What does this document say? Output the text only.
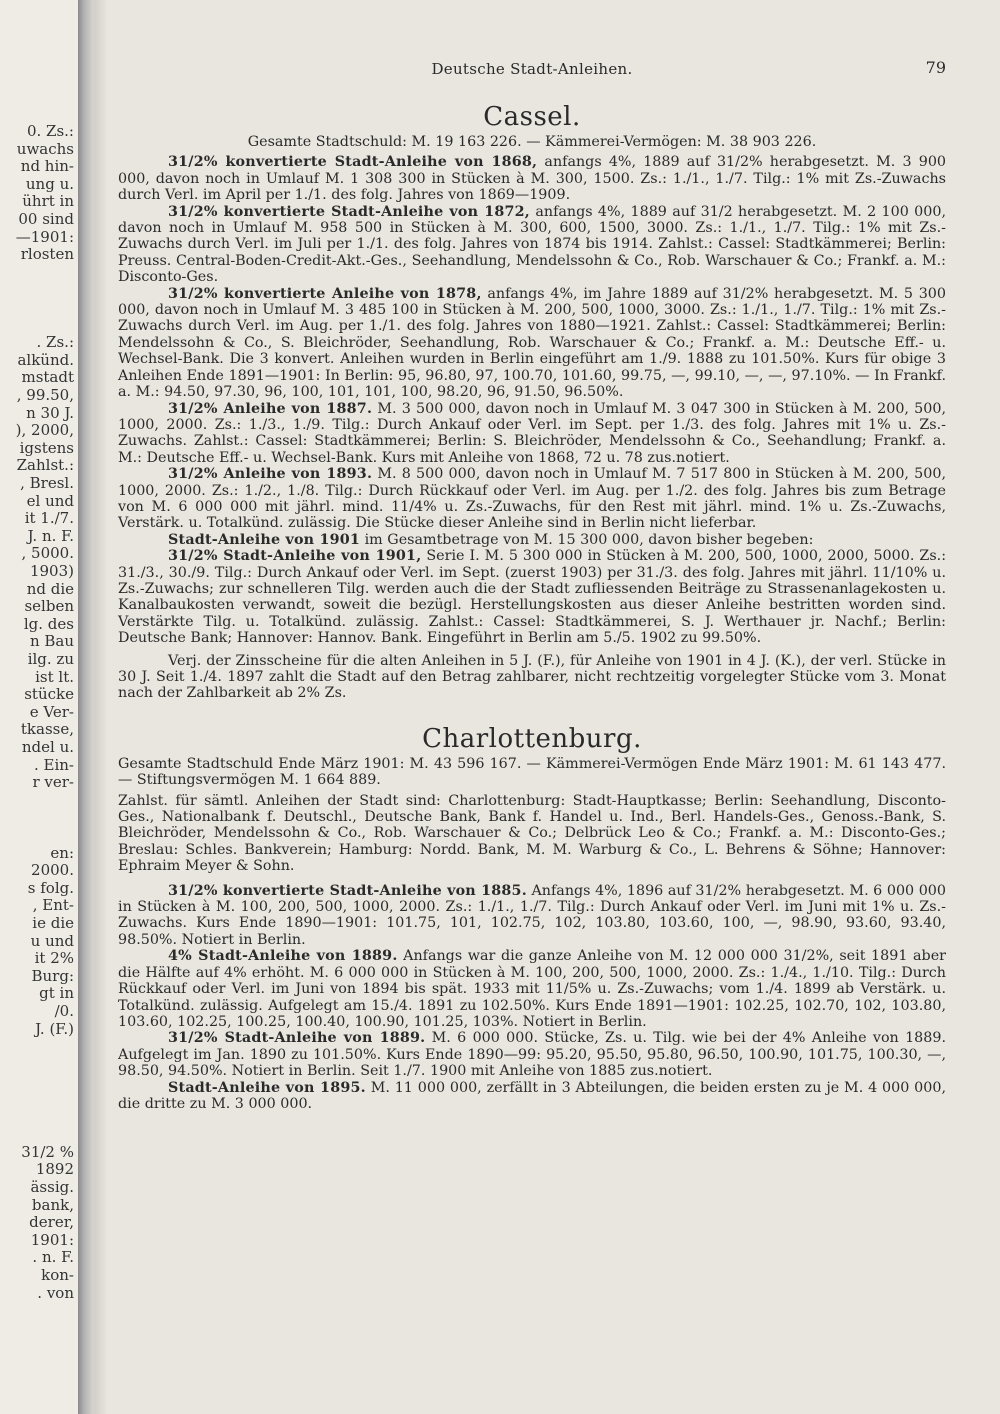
0. Zs.:
uwachs
nd hin-
ung u.
ührt in
00 sind
—1901:
rlosten
. Zs.:
alkünd.
mstadt
, 99.50,
n 30 J.
), 2000,
igstens
Zahlst.:
, Bresl.
el und
it 1./7.
J. n. F.
, 5000.
1903)
nd die
selben
lg. des
n Bau
ilg. zu
ist lt.
stücke
e Ver-
tkasse,
ndel u.
. Ein-
r ver-
en:
2000.
s folg.
, Ent-
ie die
u und
it 2%
Burg:
gt in
/0.
J. (F.)
31/2 %
1892
ässig.
bank,
derer,
1901:
. n. F.
kon-
. von
Deutsche Stadt-Anleihen.	79
Cassel.
Gesamte Stadtschuld: M. 19 163 226. — Kämmerei-Vermögen: M. 38 903 226.

31/2% konvertierte Stadt-Anleihe von 1868, anfangs 4%, 1889 auf 31/2% herabgesetzt. M. 3 900 000, davon noch in Umlauf M. 1 308 300 in Stücken à M. 300, 1500. Zs.: 1./1., 1./7. Tilg.: 1% mit Zs.-Zuwachs durch Verl. im April per 1./1. des folg. Jahres von 1869—1909.

31/2% konvertierte Stadt-Anleihe von 1872, anfangs 4%, 1889 auf 31/2 herabgesetzt. M. 2 100 000, davon noch in Umlauf M. 958 500 in Stücken à M. 300, 600, 1500, 3000. Zs.: 1./1., 1./7. Tilg.: 1% mit Zs.-Zuwachs durch Verl. im Juli per 1./1. des folg. Jahres von 1874 bis 1914. Zahlst.: Cassel: Stadtkämmerei; Berlin: Preuss. Central-Boden-Credit-Akt.-Ges., Seehandlung, Mendelssohn & Co., Rob. Warschauer & Co.; Frankf. a. M.: Disconto-Ges.

31/2% konvertierte Anleihe von 1878, anfangs 4%, im Jahre 1889 auf 31/2% herabgesetzt. M. 5 300 000, davon noch in Umlauf M. 3 485 100 in Stücken à M. 200, 500, 1000, 3000. Zs.: 1./1., 1./7. Tilg.: 1% mit Zs.-Zuwachs durch Verl. im Aug. per 1./1. des folg. Jahres von 1880—1921. Zahlst.: Cassel: Stadtkämmerei; Berlin: Mendelssohn & Co., S. Bleichröder, Seehandlung, Rob. Warschauer & Co.; Frankf. a. M.: Deutsche Eff.- u. Wechsel-Bank. Die 3 konvert. Anleihen wurden in Berlin eingeführt am 1./9. 1888 zu 101.50%. Kurs für obige 3 Anleihen Ende 1891—1901: In Berlin: 95, 96.80, 97, 100.70, 101.60, 99.75, —, 99.10, —, —, 97.10%. — In Frankf. a. M.: 94.50, 97.30, 96, 100, 101, 101, 100, 98.20, 96, 91.50, 96.50%.

31/2% Anleihe von 1887. M. 3 500 000, davon noch in Umlauf M. 3 047 300 in Stücken à M. 200, 500, 1000, 2000. Zs.: 1./3., 1./9. Tilg.: Durch Ankauf oder Verl. im Sept. per 1./3. des folg. Jahres mit 1% u. Zs.-Zuwachs. Zahlst.: Cassel: Stadtkämmerei; Berlin: S. Bleichröder, Mendelssohn & Co., Seehandlung; Frankf. a. M.: Deutsche Eff.- u. Wechsel-Bank. Kurs mit Anleihe von 1868, 72 u. 78 zus.notiert.

31/2% Anleihe von 1893. M. 8 500 000, davon noch in Umlauf M. 7 517 800 in Stücken à M. 200, 500, 1000, 2000. Zs.: 1./2., 1./8. Tilg.: Durch Rückkauf oder Verl. im Aug. per 1./2. des folg. Jahres bis zum Betrage von M. 6 000 000 mit jährl. mind. 11/4% u. Zs.-Zuwachs, für den Rest mit jährl. mind. 1% u. Zs.-Zuwachs, Verstärk. u. Totalkünd. zulässig. Die Stücke dieser Anleihe sind in Berlin nicht lieferbar.

Stadt-Anleihe von 1901 im Gesamtbetrage von M. 15 300 000, davon bisher begeben:

31/2% Stadt-Anleihe von 1901, Serie I. M. 5 300 000 in Stücken à M. 200, 500, 1000, 2000, 5000. Zs.: 31./3., 30./9. Tilg.: Durch Ankauf oder Verl. im Sept. (zuerst 1903) per 31./3. des folg. Jahres mit jährl. 11/10% u. Zs.-Zuwachs; zur schnelleren Tilg. werden auch die der Stadt zufliessenden Beiträge zu Strassenanlagekosten u. Kanalbaukosten verwandt, soweit die bezügl. Herstellungskosten aus dieser Anleihe bestritten worden sind. Verstärkte Tilg. u. Totalkünd. zulässig. Zahlst.: Cassel: Stadtkämmerei, S. J. Werthauer jr. Nachf.; Berlin: Deutsche Bank; Hannover: Hannov. Bank. Eingeführt in Berlin am 5./5. 1902 zu 99.50%.

Verj. der Zinsscheine für die alten Anleihen in 5 J. (F.), für Anleihe von 1901 in 4 J. (K.), der verl. Stücke in 30 J. Seit 1./4. 1897 zahlt die Stadt auf den Betrag zahlbarer, nicht rechtzeitig vorgelegter Stücke vom 3. Monat nach der Zahlbarkeit ab 2% Zs.

Charlottenburg.
Gesamte Stadtschuld Ende März 1901: M. 43 596 167. — Kämmerei-Vermögen Ende März 1901: M. 61 143 477. — Stiftungsvermögen M. 1 664 889.

Zahlst. für sämtl. Anleihen der Stadt sind: Charlottenburg: Stadt-Hauptkasse; Berlin: Seehandlung, Disconto-Ges., Nationalbank f. Deutschl., Deutsche Bank, Bank f. Handel u. Ind., Berl. Handels-Ges., Genoss.-Bank, S. Bleichröder, Mendelssohn & Co., Rob. Warschauer & Co.; Delbrück Leo & Co.; Frankf. a. M.: Disconto-Ges.; Breslau: Schles. Bankverein; Hamburg: Nordd. Bank, M. M. Warburg & Co., L. Behrens & Söhne; Hannover: Ephraim Meyer & Sohn.

31/2% konvertierte Stadt-Anleihe von 1885. Anfangs 4%, 1896 auf 31/2% herabgesetzt. M. 6 000 000 in Stücken à M. 100, 200, 500, 1000, 2000. Zs.: 1./1., 1./7. Tilg.: Durch Ankauf oder Verl. im Juni mit 1% u. Zs.-Zuwachs. Kurs Ende 1890—1901: 101.75, 101, 102.75, 102, 103.80, 103.60, 100, —, 98.90, 93.60, 93.40, 98.50%. Notiert in Berlin.

4% Stadt-Anleihe von 1889. Anfangs war die ganze Anleihe von M. 12 000 000 31/2%, seit 1891 aber die Hälfte auf 4% erhöht. M. 6 000 000 in Stücken à M. 100, 200, 500, 1000, 2000. Zs.: 1./4., 1./10. Tilg.: Durch Rückkauf oder Verl. im Juni von 1894 bis spät. 1933 mit 11/5% u. Zs.-Zuwachs; vom 1./4. 1899 ab Verstärk. u. Totalkünd. zulässig. Aufgelegt am 15./4. 1891 zu 102.50%. Kurs Ende 1891—1901: 102.25, 102.70, 102, 103.80, 103.60, 102.25, 100.25, 100.40, 100.90, 101.25, 103%. Notiert in Berlin.

31/2% Stadt-Anleihe von 1889. M. 6 000 000. Stücke, Zs. u. Tilg. wie bei der 4% Anleihe von 1889. Aufgelegt im Jan. 1890 zu 101.50%. Kurs Ende 1890—99: 95.20, 95.50, 95.80, 96.50, 100.90, 101.75, 100.30, —, 98.50, 94.50%. Notiert in Berlin. Seit 1./7. 1900 mit Anleihe von 1885 zus.notiert.

Stadt-Anleihe von 1895. M. 11 000 000, zerfällt in 3 Abteilungen, die beiden ersten zu je M. 4 000 000, die dritte zu M. 3 000 000.
